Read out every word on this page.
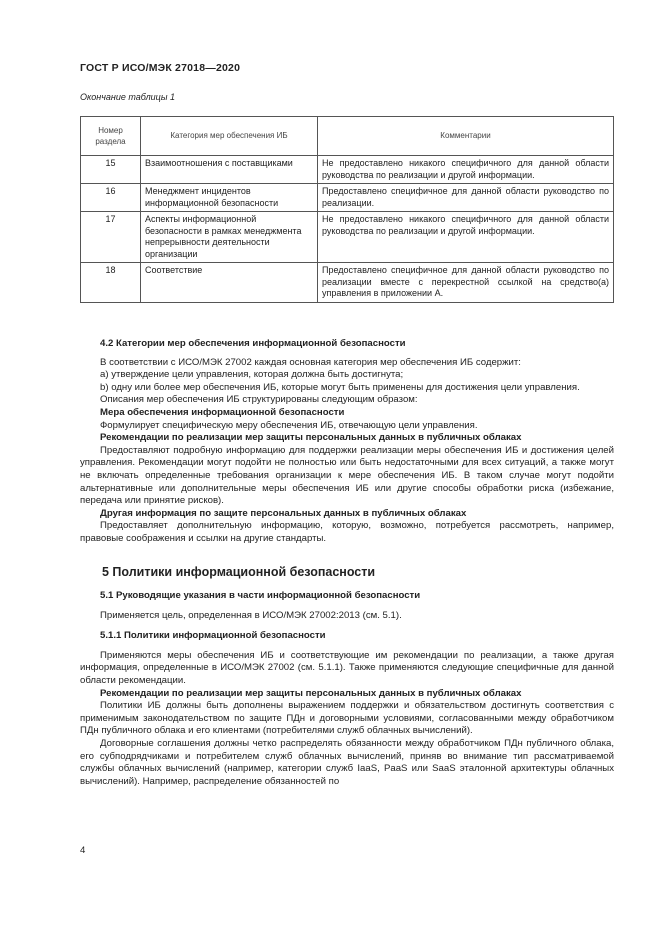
ГОСТ Р ИСО/МЭК 27018—2020
Окончание таблицы 1
Номер раздела	Категория мер обеспечения ИБ	Комментарии
15	Взаимоотношения с поставщиками	Не предоставлено никакого специфичного для данной области руководства по реализации и другой информации.
16	Менеджмент инцидентов информационной безопасности	Предоставлено специфичное для данной области руководство по реализации.
17	Аспекты информационной безопасности в рамках менеджмента непрерывности деятельности организации	Не предоставлено никакого специфичного для данной области руководства по реализации и другой информации.
18	Соответствие	Предоставлено специфичное для данной области руководство по реализации вместе с перекрестной ссылкой на средство(а) управления в приложении А.

4.2 Категории мер обеспечения информационной безопасности

В соответствии с ИСО/МЭК 27002 каждая основная категория мер обеспечения ИБ содержит:

а) утверждение цели управления, которая должна быть достигнута;

b) одну или более мер обеспечения ИБ, которые могут быть применены для достижения цели управления.

Описания мер обеспечения ИБ структурированы следующим образом:

Мера обеспечения информационной безопасности

Формулирует специфическую меру обеспечения ИБ, отвечающую цели управления.

Рекомендации по реализации мер защиты персональных данных в публичных облаках

Предоставляют подробную информацию для поддержки реализации меры обеспечения ИБ и достижения целей управления. Рекомендации могут подойти не полностью или быть недостаточными для всех ситуаций, а также могут не включать определенные требования организации к мере обеспечения ИБ. В таком случае могут подойти альтернативные или дополнительные меры обеспечения ИБ или другие способы обработки риска (избежание, передача или принятие рисков).

Другая информация по защите персональных данных в публичных облаках

Предоставляет дополнительную информацию, которую, возможно, потребуется рассмотреть, например, правовые соображения и ссылки на другие стандарты.

5 Политики информационной безопасности

5.1 Руководящие указания в части информационной безопасности

Применяется цель, определенная в ИСО/МЭК 27002:2013 (см. 5.1).

5.1.1 Политики информационной безопасности

Применяются меры обеспечения ИБ и соответствующие им рекомендации по реализации, а также другая информация, определенные в ИСО/МЭК 27002 (см. 5.1.1). Также применяются следующие специфичные для данной области рекомендации.

Рекомендации по реализации мер защиты персональных данных в публичных облаках

Политики ИБ должны быть дополнены выражением поддержки и обязательством достигнуть соответствия с применимым законодательством по защите ПДн и договорными условиями, согласованными между обработчиком ПДн публичного облака и его клиентами (потребителями служб облачных вычислений).

Договорные соглашения должны четко распределять обязанности между обработчиком ПДн публичного облака, его субподрядчиками и потребителем служб облачных вычислений, приняв во внимание тип рассматриваемой службы облачных вычислений (например, категории служб IaaS, PaaS или SaaS эталонной архитектуры облачных вычислений). Например, распределение обязанностей по

4
